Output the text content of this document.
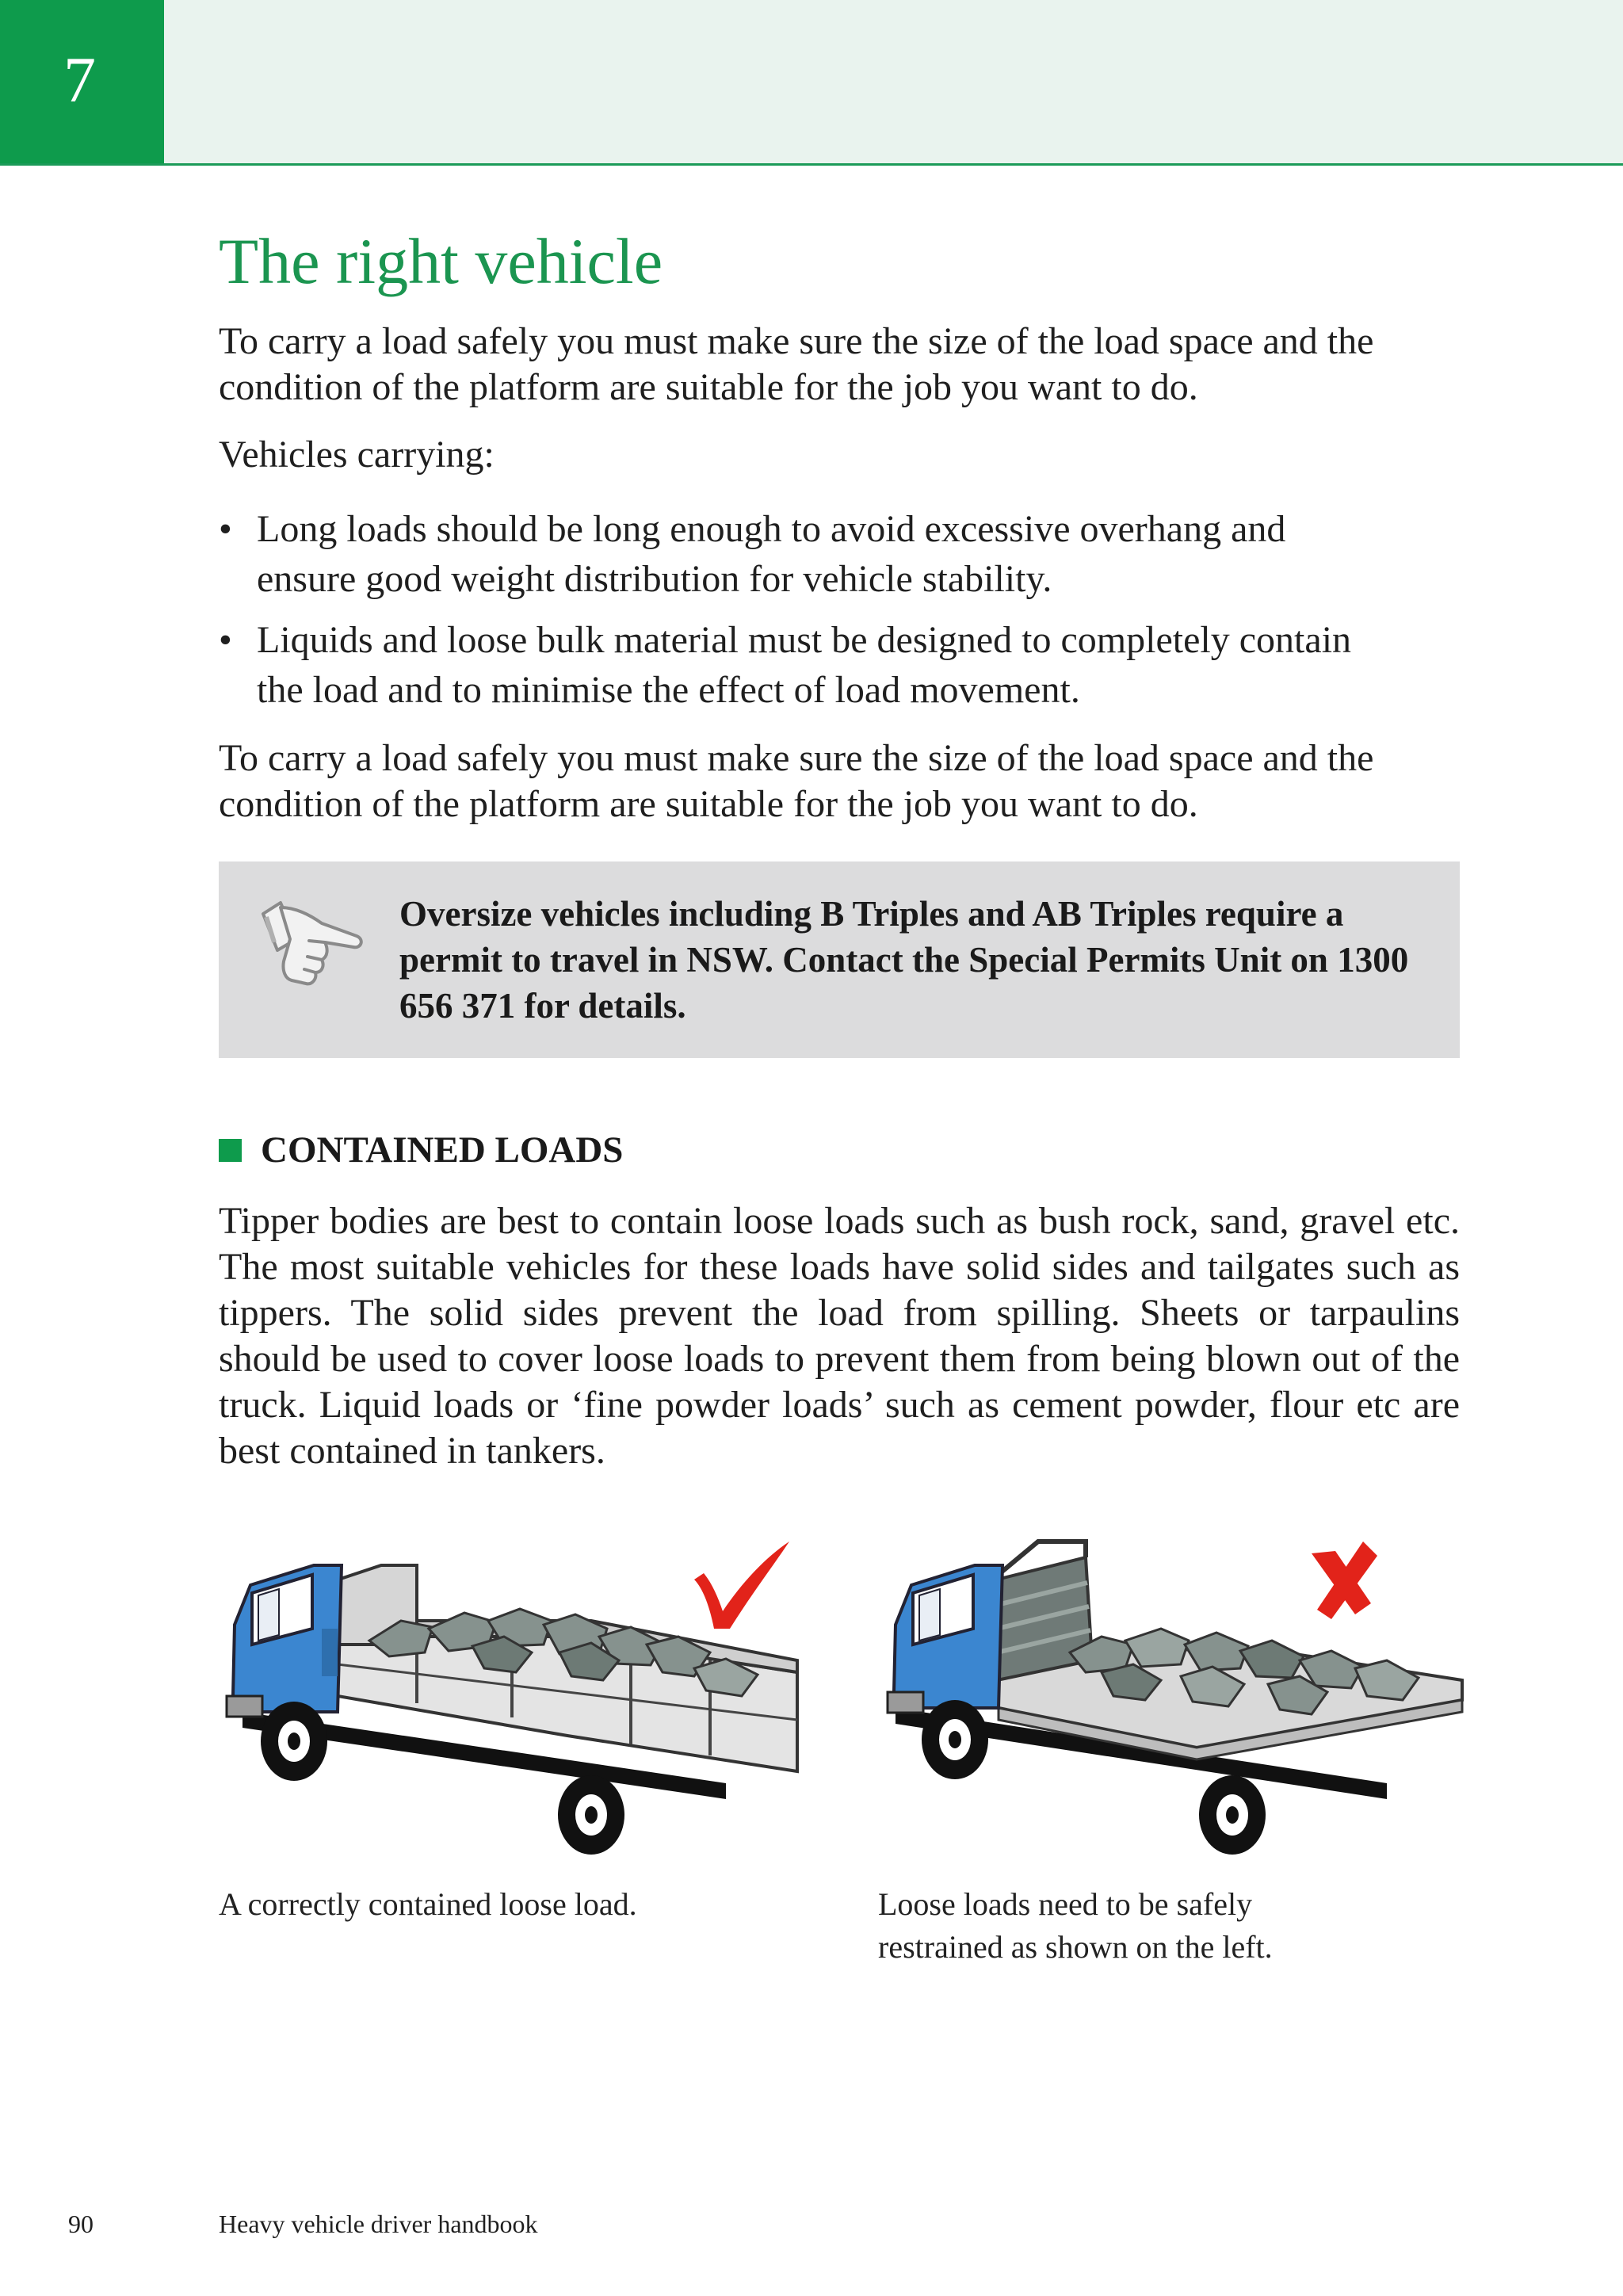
7
The right vehicle

To carry a load safely you must make sure the size of the load space and the condition of the platform are suitable for the job you want to do.

Vehicles carrying:

• Long loads should be long enough to avoid excessive overhang and ensure good weight distribution for vehicle stability.
• Liquids and loose bulk material must be designed to completely contain the load and to minimise the effect of load movement.

To carry a load safely you must make sure the size of the load space and the condition of the platform are suitable for the job you want to do.

Oversize vehicles including B Triples and AB Triples require a permit to travel in NSW. Contact the Special Permits Unit on 1300 656 371 for details.

CONTAINED LOADS

Tipper bodies are best to contain loose loads such as bush rock, sand, gravel etc. The most suitable vehicles for these loads have solid sides and tailgates such as tippers. The solid sides prevent the load from spilling. Sheets or tarpaulins should be used to cover loose loads to prevent them from being blown out of the truck. Liquid loads or ‘fine powder loads’ such as cement powder, flour etc are best contained in tankers.

A correctly contained loose load.	Loose loads need to be safely restrained as shown on the left.

90	Heavy vehicle driver handbook
